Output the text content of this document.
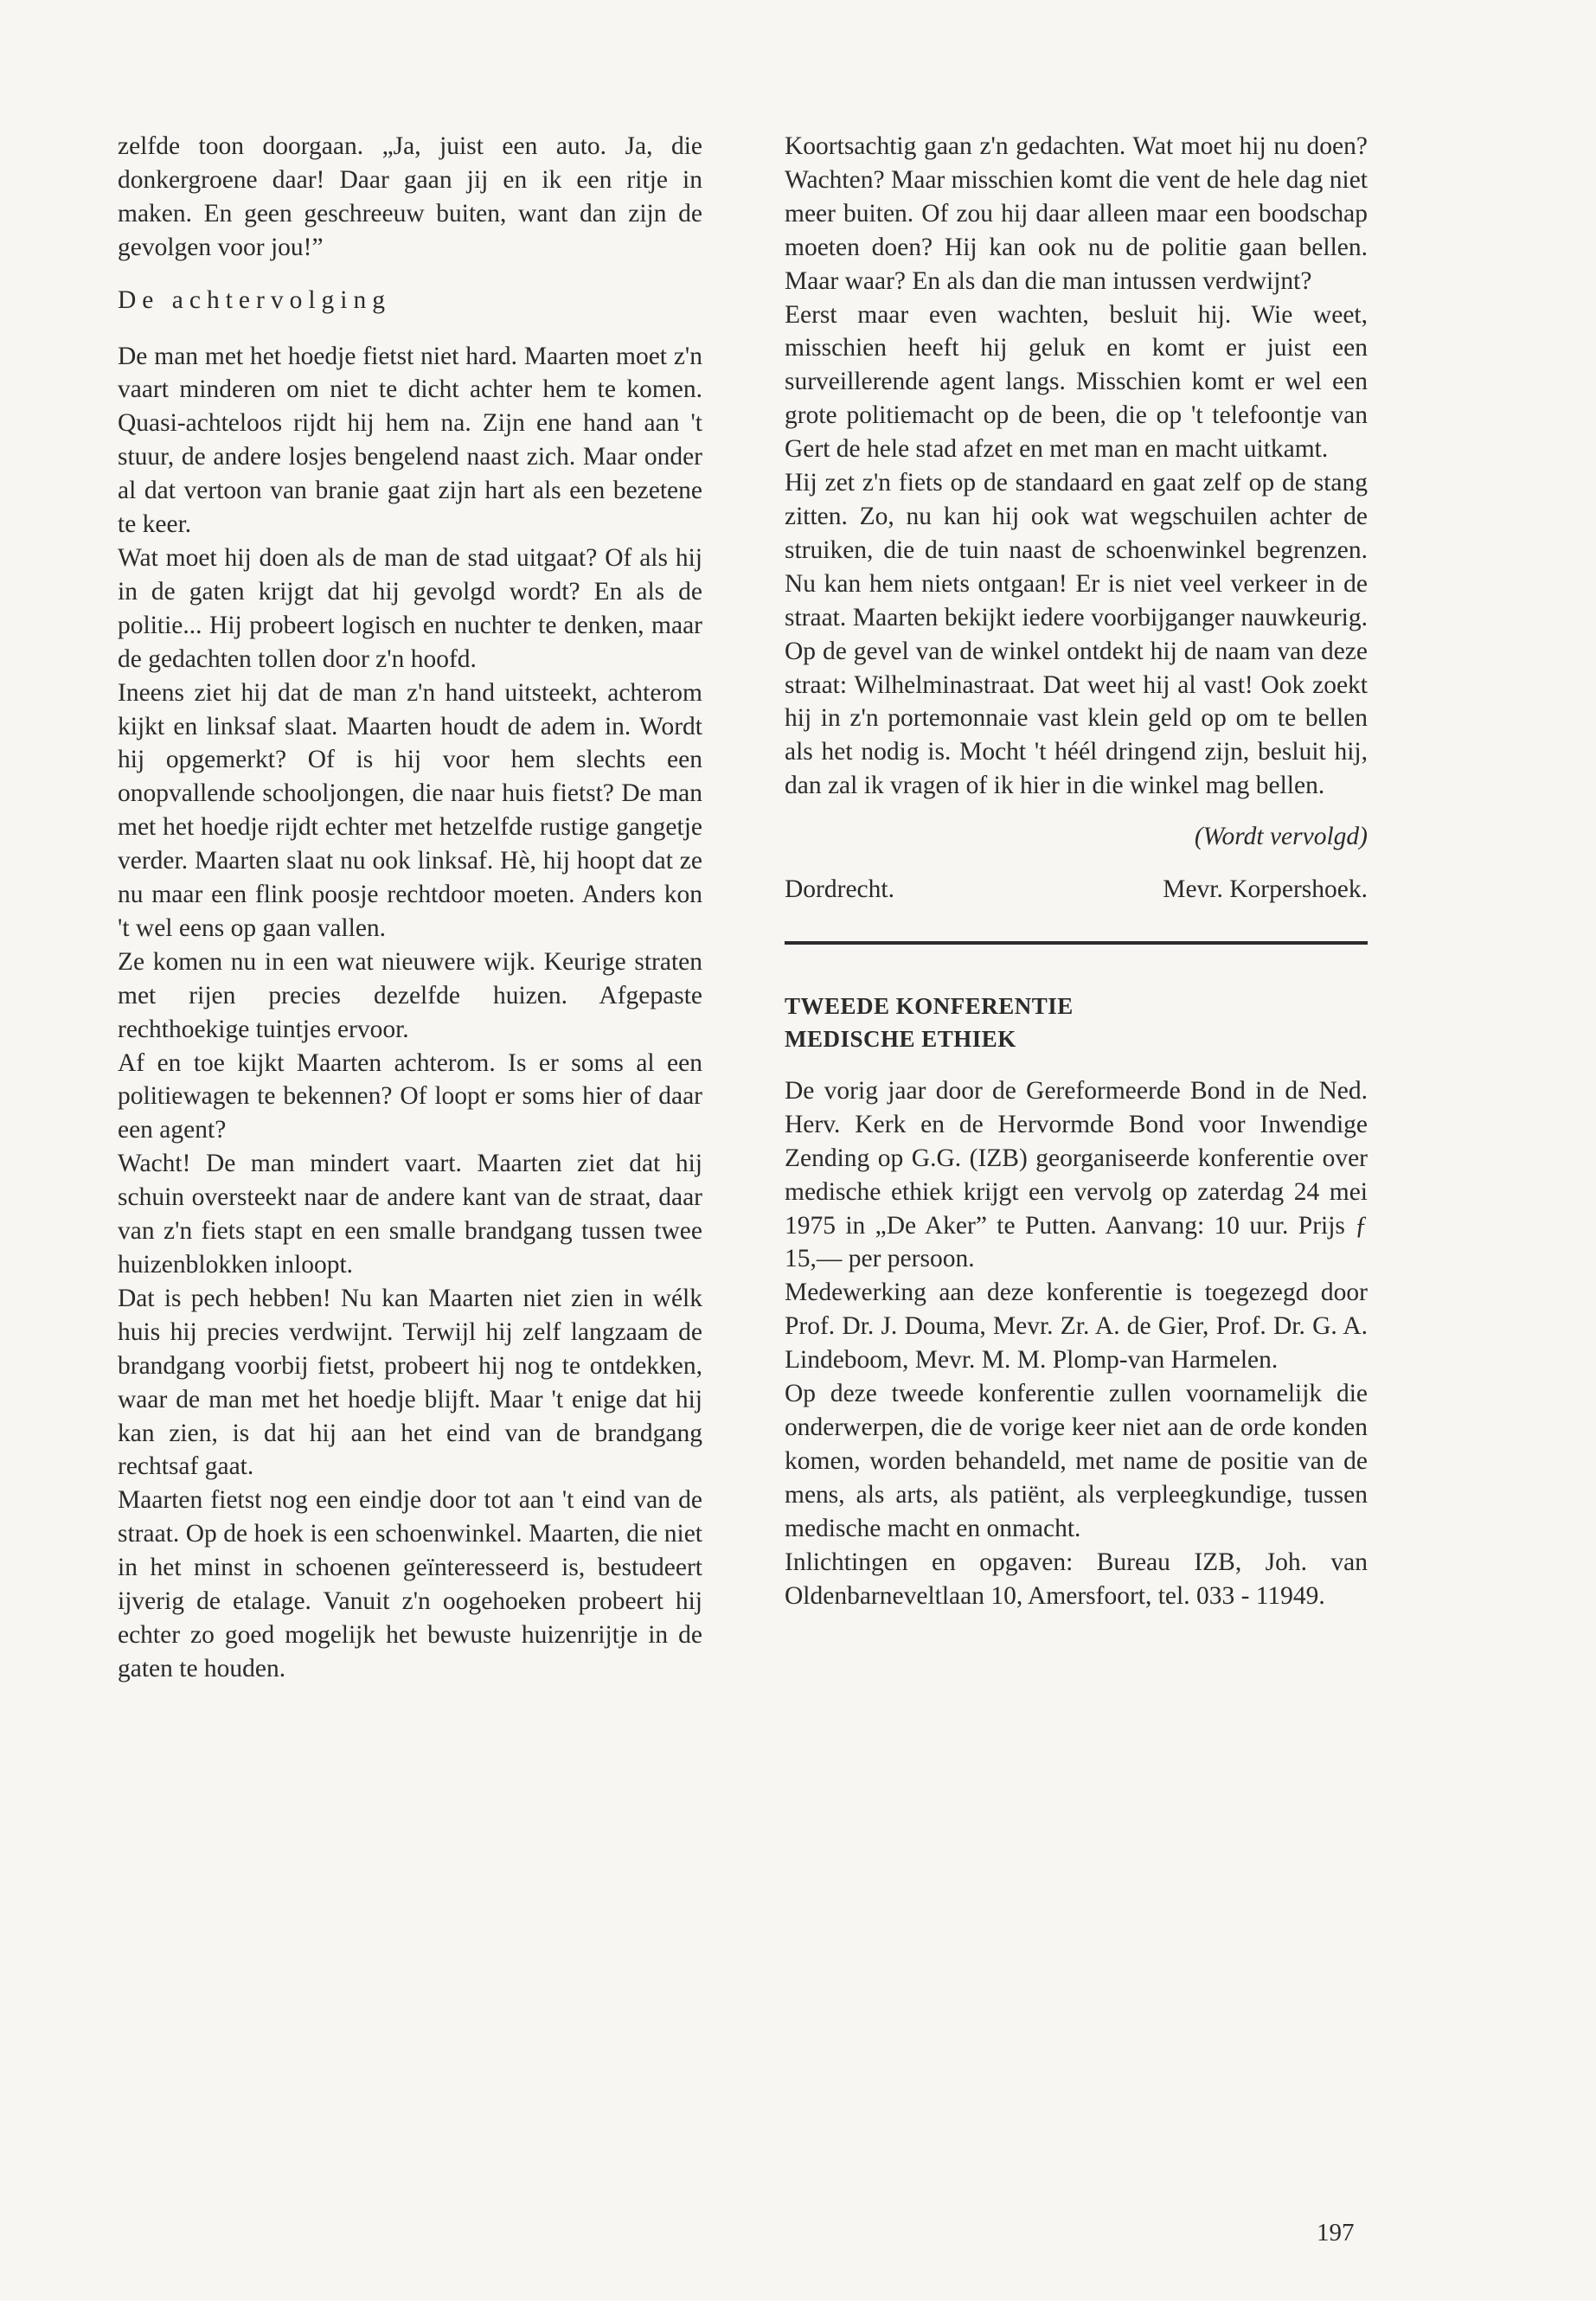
zelfde toon doorgaan. „Ja, juist een auto. Ja, die donkergroene daar! Daar gaan jij en ik een ritje in maken. En geen geschreeuw buiten, want dan zijn de gevolgen voor jou!”

De achtervolging

De man met het hoedje fietst niet hard. Maarten moet z'n vaart minderen om niet te dicht achter hem te komen. Quasi-achteloos rijdt hij hem na. Zijn ene hand aan 't stuur, de andere losjes bengelend naast zich. Maar onder al dat vertoon van branie gaat zijn hart als een bezetene te keer.

Wat moet hij doen als de man de stad uitgaat? Of als hij in de gaten krijgt dat hij gevolgd wordt? En als de politie... Hij probeert logisch en nuchter te denken, maar de gedachten tollen door z'n hoofd.

Ineens ziet hij dat de man z'n hand uitsteekt, achterom kijkt en linksaf slaat. Maarten houdt de adem in. Wordt hij opgemerkt? Of is hij voor hem slechts een onopvallende schooljongen, die naar huis fietst? De man met het hoedje rijdt echter met hetzelfde rustige gangetje verder. Maarten slaat nu ook linksaf. Hè, hij hoopt dat ze nu maar een flink poosje rechtdoor moeten. Anders kon 't wel eens op gaan vallen.

Ze komen nu in een wat nieuwere wijk. Keurige straten met rijen precies dezelfde huizen. Afgepaste rechthoekige tuintjes ervoor.

Af en toe kijkt Maarten achterom. Is er soms al een politiewagen te bekennen? Of loopt er soms hier of daar een agent?

Wacht! De man mindert vaart. Maarten ziet dat hij schuin oversteekt naar de andere kant van de straat, daar van z'n fiets stapt en een smalle brandgang tussen twee huizenblokken inloopt.

Dat is pech hebben! Nu kan Maarten niet zien in wélk huis hij precies verdwijnt. Terwijl hij zelf langzaam de brandgang voorbij fietst, probeert hij nog te ontdekken, waar de man met het hoedje blijft. Maar 't enige dat hij kan zien, is dat hij aan het eind van de brandgang rechtsaf gaat.

Maarten fietst nog een eindje door tot aan 't eind van de straat. Op de hoek is een schoenwinkel. Maarten, die niet in het minst in schoenen geïnteresseerd is, bestudeert ijverig de etalage. Vanuit z'n oogehoeken probeert hij echter zo goed mogelijk het bewuste huizenrijtje in de gaten te houden.

Koortsachtig gaan z'n gedachten. Wat moet hij nu doen? Wachten? Maar misschien komt die vent de hele dag niet meer buiten. Of zou hij daar alleen maar een boodschap moeten doen? Hij kan ook nu de politie gaan bellen. Maar waar? En als dan die man intussen verdwijnt?

Eerst maar even wachten, besluit hij. Wie weet, misschien heeft hij geluk en komt er juist een surveillerende agent langs. Misschien komt er wel een grote politiemacht op de been, die op 't telefoontje van Gert de hele stad afzet en met man en macht uitkamt.

Hij zet z'n fiets op de standaard en gaat zelf op de stang zitten. Zo, nu kan hij ook wat wegschuilen achter de struiken, die de tuin naast de schoenwinkel begrenzen. Nu kan hem niets ontgaan! Er is niet veel verkeer in de straat. Maarten bekijkt iedere voorbijganger nauwkeurig. Op de gevel van de winkel ontdekt hij de naam van deze straat: Wilhelminastraat. Dat weet hij al vast! Ook zoekt hij in z'n portemonnaie vast klein geld op om te bellen als het nodig is. Mocht 't héél dringend zijn, besluit hij, dan zal ik vragen of ik hier in die winkel mag bellen.

(Wordt vervolgd)

Dordrecht.	Mevr. Korpershoek.
TWEEDE KONFERENTIE
MEDISCHE ETHIEK

De vorig jaar door de Gereformeerde Bond in de Ned. Herv. Kerk en de Hervormde Bond voor Inwendige Zending op G.G. (IZB) georganiseerde konferentie over medische ethiek krijgt een vervolg op zaterdag 24 mei 1975 in „De Aker” te Putten. Aanvang: 10 uur. Prijs ƒ 15,— per persoon.

Medewerking aan deze konferentie is toegezegd door Prof. Dr. J. Douma, Mevr. Zr. A. de Gier, Prof. Dr. G. A. Lindeboom, Mevr. M. M. Plomp-van Harmelen.

Op deze tweede konferentie zullen voornamelijk die onderwerpen, die de vorige keer niet aan de orde konden komen, worden behandeld, met name de positie van de mens, als arts, als patiënt, als verpleegkundige, tussen medische macht en onmacht.

Inlichtingen en opgaven: Bureau IZB, Joh. van Oldenbarneveltlaan 10, Amersfoort, tel. 033 - 11949.

197
